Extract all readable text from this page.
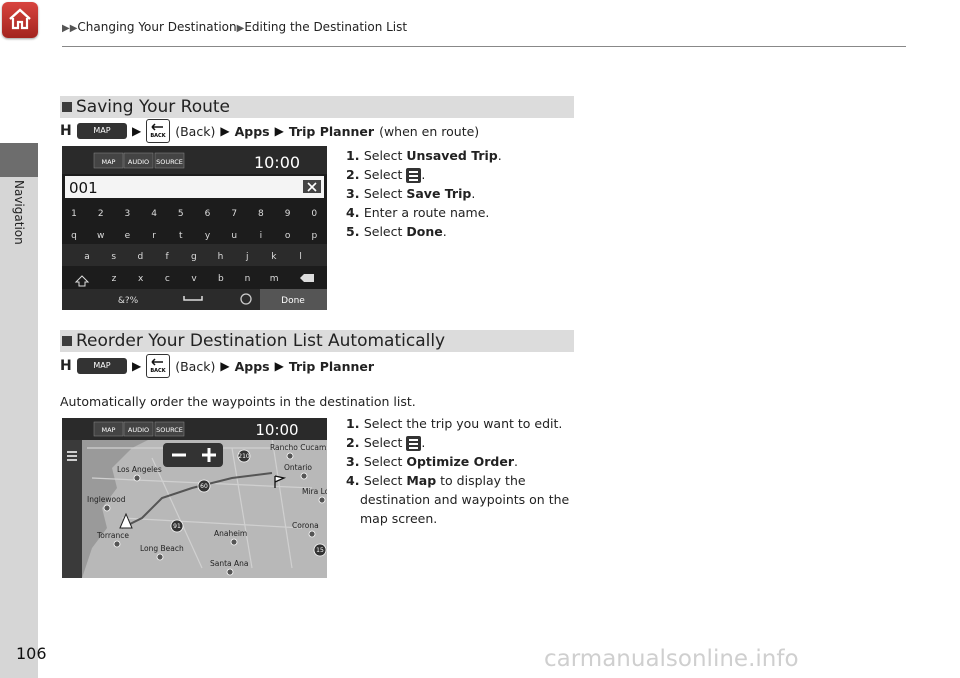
▶▶Changing Your Destination▶Editing the Destination List
Navigation
106
Saving Your Route
H	MAP	▶ BACK (Back) ▶ Apps ▶ Trip Planner (when en route)
MAP AUDIO SOURCE	10:00
001
1 2 3 4 5 6 7 8 9 0
q w e r	t y u	i	o p
a s d f g h	j	k	l
z x c v b n m
&?%	Done
1. Select Unsaved Trip.
2. Select
.
3. Select Save Trip.
4. Enter a route name.
5. Select Done.
Reorder Your Destination List Automatically
H	MAP	▶ BACK (Back) ▶ Apps ▶ Trip Planner
Automatically order the waypoints in the destination list.
MAP AUDIO SOURCE	10:00
Rancho Cucam
Los Angeles	Ontario
Inglewood
Mira Lo
Torrance	Anaheim
Corona
Long Beach
Santa Ana
210
60
91
15
1. Select the trip you want to edit.
2. Select
.
3. Select Optimize Order.
4. Select Map to display the
destination and waypoints on the
map screen.
carmanualsonline.info
